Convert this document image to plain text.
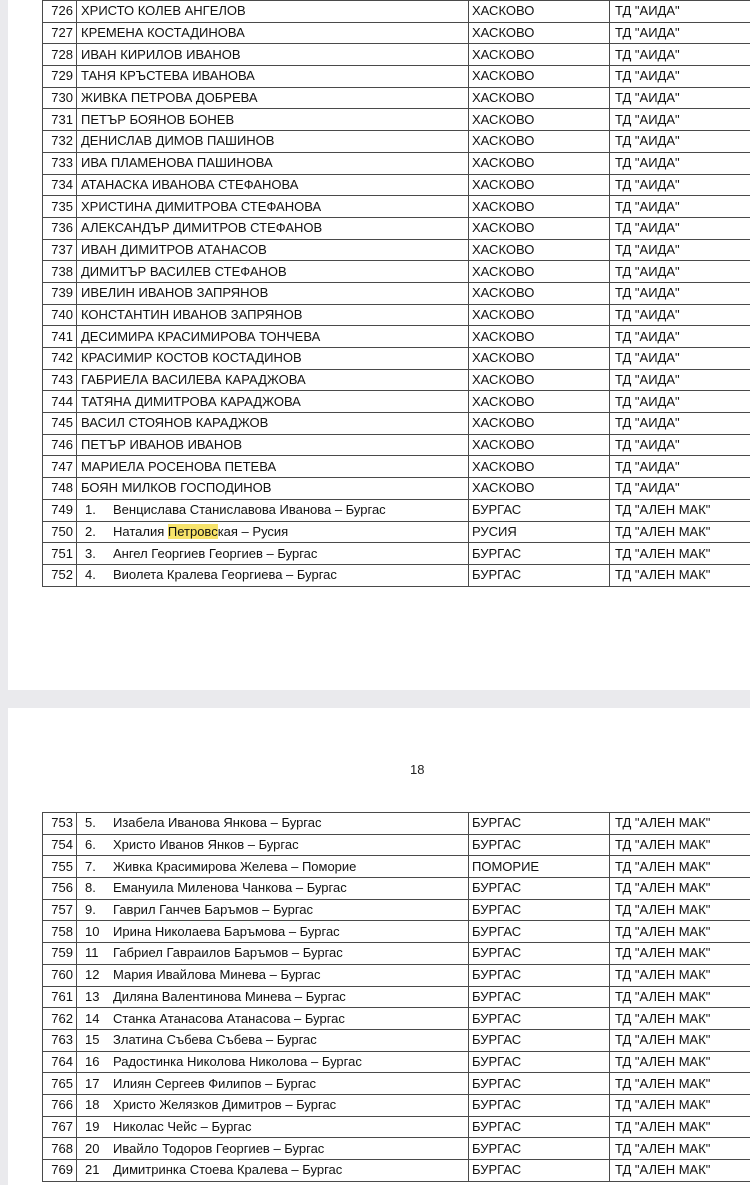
726	ХРИСТО КОЛЕВ АНГЕЛОВ	ХАСКОВО	ТД "АИДА"
727	КРЕМЕНА КОСТАДИНОВА	ХАСКОВО	ТД "АИДА"
728	ИВАН КИРИЛОВ ИВАНОВ	ХАСКОВО	ТД "АИДА"
729	ТАНЯ КРЪСТЕВА ИВАНОВА	ХАСКОВО	ТД "АИДА"
730	ЖИВКА ПЕТРОВА ДОБРЕВА	ХАСКОВО	ТД "АИДА"
731	ПЕТЪР БОЯНОВ БОНЕВ	ХАСКОВО	ТД "АИДА"
732	ДЕНИСЛАВ ДИМОВ ПАШИНОВ	ХАСКОВО	ТД "АИДА"
733	ИВА ПЛАМЕНОВА ПАШИНОВА	ХАСКОВО	ТД "АИДА"
734	АТАНАСКА ИВАНОВА СТЕФАНОВА	ХАСКОВО	ТД "АИДА"
735	ХРИСТИНА ДИМИТРОВА СТЕФАНОВА	ХАСКОВО	ТД "АИДА"
736	АЛЕКСАНДЪР ДИМИТРОВ СТЕФАНОВ	ХАСКОВО	ТД "АИДА"
737	ИВАН ДИМИТРОВ АТАНАСОВ	ХАСКОВО	ТД "АИДА"
738	ДИМИТЪР ВАСИЛЕВ СТЕФАНОВ	ХАСКОВО	ТД "АИДА"
739	ИВЕЛИН ИВАНОВ ЗАПРЯНОВ	ХАСКОВО	ТД "АИДА"
740	КОНСТАНТИН ИВАНОВ ЗАПРЯНОВ	ХАСКОВО	ТД "АИДА"
741	ДЕСИМИРА КРАСИМИРОВА ТОНЧЕВА	ХАСКОВО	ТД "АИДА"
742	КРАСИМИР КОСТОВ КОСТАДИНОВ	ХАСКОВО	ТД "АИДА"
743	ГАБРИЕЛА ВАСИЛЕВА КАРАДЖОВА	ХАСКОВО	ТД "АИДА"
744	ТАТЯНА ДИМИТРОВА КАРАДЖОВА	ХАСКОВО	ТД "АИДА"
745	ВАСИЛ СТОЯНОВ КАРАДЖОВ	ХАСКОВО	ТД "АИДА"
746	ПЕТЪР ИВАНОВ ИВАНОВ	ХАСКОВО	ТД "АИДА"
747	МАРИЕЛА РОСЕНОВА ПЕТЕВА	ХАСКОВО	ТД "АИДА"
748	БОЯН МИЛКОВ ГОСПОДИНОВ	ХАСКОВО	ТД "АИДА"
749	1. Венцислава Станиславова Иванова – Бургас	БУРГАС	ТД "АЛЕН МАК"
750	2. Наталия Петровская – Русия	РУСИЯ	ТД "АЛЕН МАК"
751	3. Ангел Георгиев Георгиев – Бургас	БУРГАС	ТД "АЛЕН МАК"
752	4. Виолета Кралева Георгиева – Бургас	БУРГАС	ТД "АЛЕН МАК"
18
753	5. Изабела Иванова Янкова – Бургас	БУРГАС	ТД "АЛЕН МАК"
754	6. Христо Иванов Янков – Бургас	БУРГАС	ТД "АЛЕН МАК"
755	7. Живка Красимирова Желева – Поморие	ПОМОРИЕ	ТД "АЛЕН МАК"
756	8. Емануила Миленова Чанкова – Бургас	БУРГАС	ТД "АЛЕН МАК"
757	9. Гаврил Ганчев Баръмов – Бургас	БУРГАС	ТД "АЛЕН МАК"
758	10 Ирина Николаева Баръмова – Бургас	БУРГАС	ТД "АЛЕН МАК"
759	11 Габриел Гавраилов Баръмов – Бургас	БУРГАС	ТД "АЛЕН МАК"
760	12 Мария Ивайлова Минева – Бургас	БУРГАС	ТД "АЛЕН МАК"
761	13 Диляна Валентинова Минева – Бургас	БУРГАС	ТД "АЛЕН МАК"
762	14 Станка Атанасова Атанасова – Бургас	БУРГАС	ТД "АЛЕН МАК"
763	15 Златина Събева Събева – Бургас	БУРГАС	ТД "АЛЕН МАК"
764	16 Радостинка Николова Николова – Бургас	БУРГАС	ТД "АЛЕН МАК"
765	17 Илиян Сергеев Филипов – Бургас	БУРГАС	ТД "АЛЕН МАК"
766	18 Христо Желязков Димитров – Бургас	БУРГАС	ТД "АЛЕН МАК"
767	19 Николас Чейс – Бургас	БУРГАС	ТД "АЛЕН МАК"
768	20 Ивайло Тодоров Георгиев – Бургас	БУРГАС	ТД "АЛЕН МАК"
769	21 Димитринка Стоева Кралева – Бургас	БУРГАС	ТД "АЛЕН МАК"
